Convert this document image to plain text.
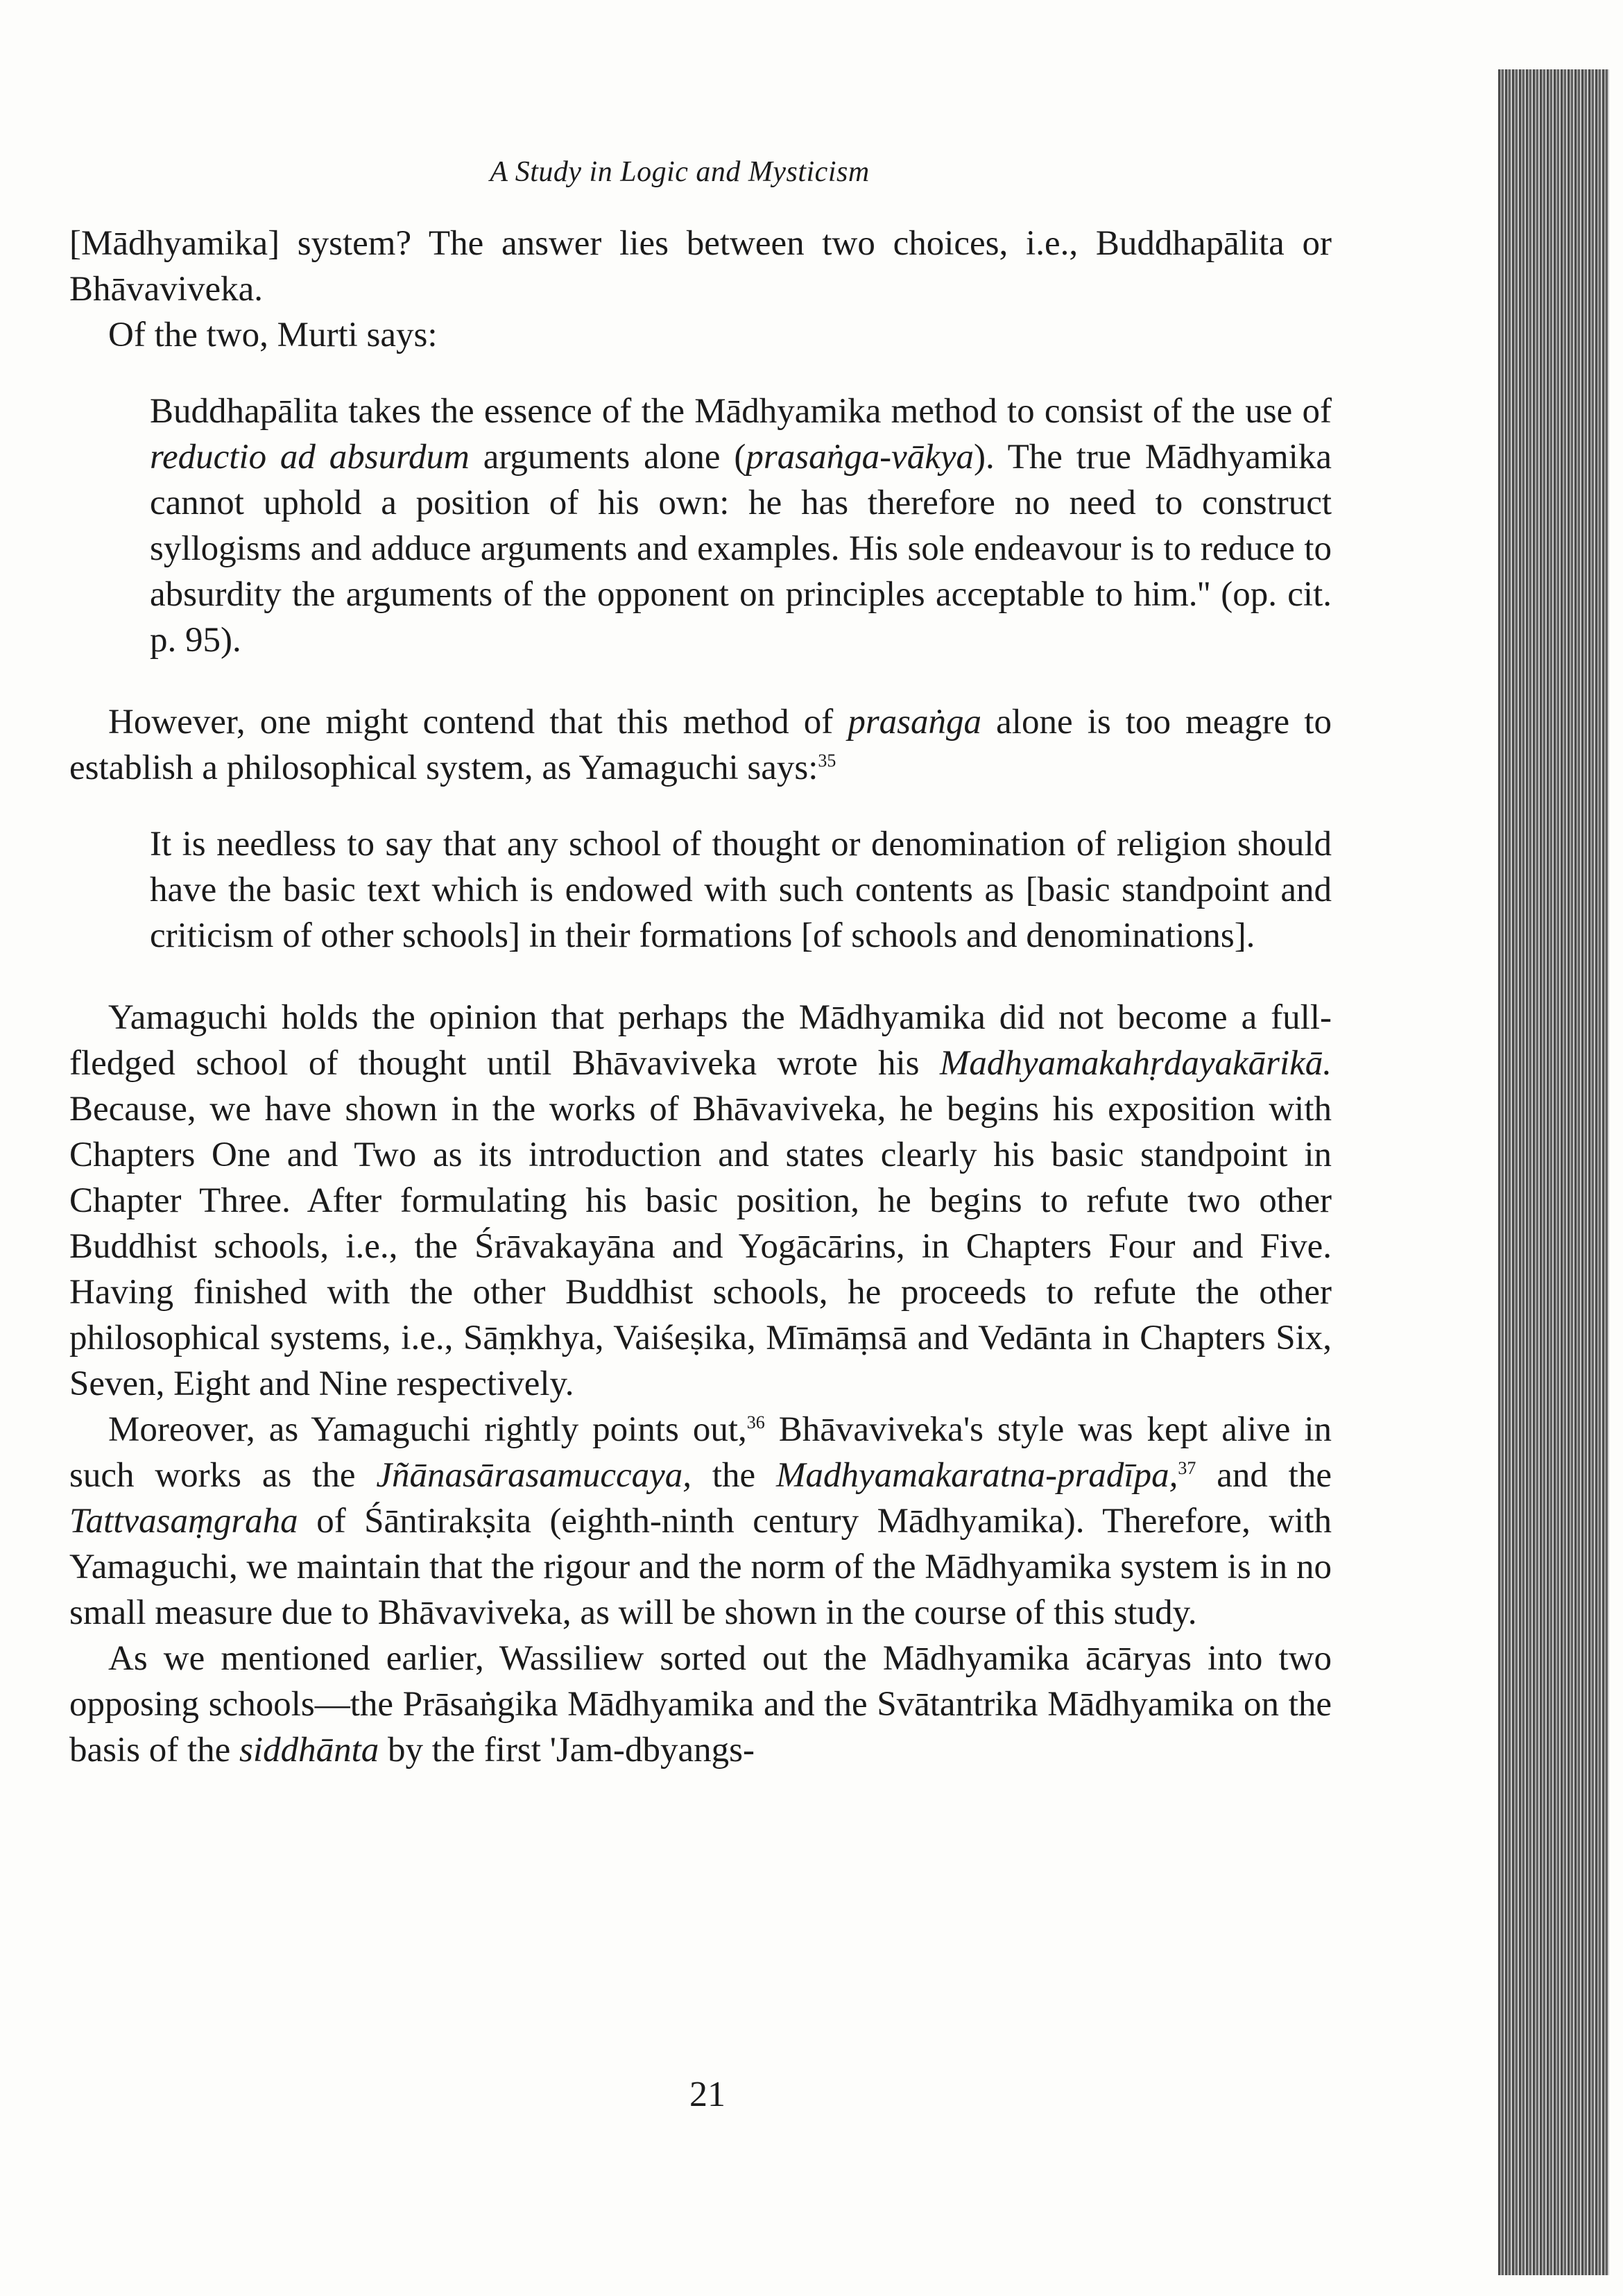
A Study in Logic and Mysticism

[Mādhyamika] system? The answer lies between two choices, i.e., Buddhapālita or Bhāvaviveka.

Of the two, Murti says:

Buddhapālita takes the essence of the Mādhyamika method to consist of the use of reductio ad absurdum arguments alone (prasaṅga-vākya). The true Mādhyamika cannot uphold a position of his own: he has therefore no need to construct syllogisms and adduce arguments and examples. His sole endeavour is to reduce to absurdity the arguments of the opponent on principles acceptable to him.'' (op. cit. p. 95).

However, one might contend that this method of prasaṅga alone is too meagre to establish a philosophical system, as Yamaguchi says:$^{35}$

It is needless to say that any school of thought or denomination of religion should have the basic text which is endowed with such contents as [basic standpoint and criticism of other schools] in their formations [of schools and denominations].

Yamaguchi holds the opinion that perhaps the Mādhyamika did not become a full-fledged school of thought until Bhāvaviveka wrote his Madhyamakahṛdayakārikā. Because, we have shown in the works of Bhāvaviveka, he begins his exposition with Chapters One and Two as its introduction and states clearly his basic standpoint in Chapter Three. After formulating his basic position, he begins to refute two other Buddhist schools, i.e., the Śrāvakayāna and Yogācārins, in Chapters Four and Five. Having finished with the other Buddhist schools, he proceeds to refute the other philosophical systems, i.e., Sāṃkhya, Vaiśeṣika, Mīmāṃsā and Vedānta in Chapters Six, Seven, Eight and Nine respectively.

Moreover, as Yamaguchi rightly points out,$^{36}$ Bhāvaviveka's style was kept alive in such works as the Jñānasārasamuccaya, the Madhyamakaratna-pradīpa,$^{37}$ and the Tattvasaṃgraha of Śāntirakṣita (eighth-ninth century Mādhyamika). Therefore, with Yamaguchi, we maintain that the rigour and the norm of the Mādhyamika system is in no small measure due to Bhāvaviveka, as will be shown in the course of this study.

As we mentioned earlier, Wassiliew sorted out the Mādhyamika ācāryas into two opposing schools—the Prāsaṅgika Mādhyamika and the Svātantrika Mādhyamika on the basis of the siddhānta by the first 'Jam-dbyangs-

21
